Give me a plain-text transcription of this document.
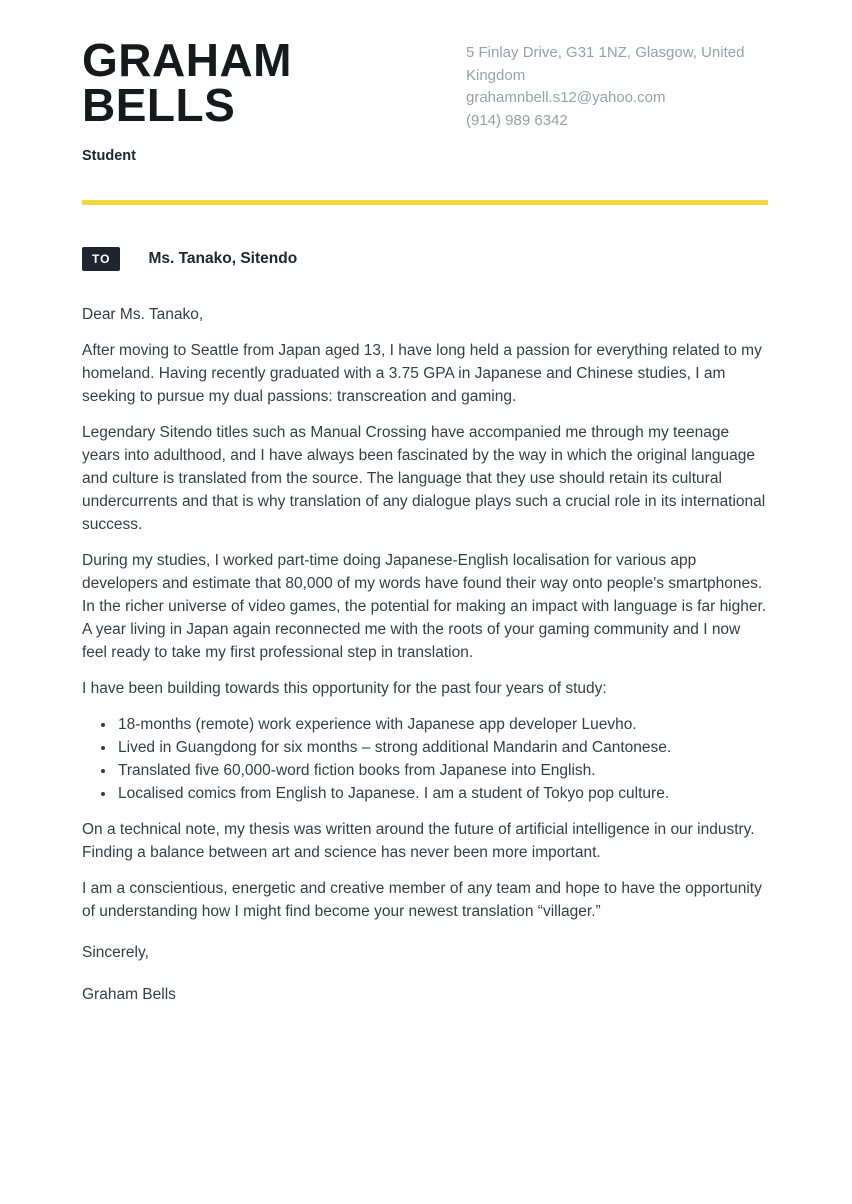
GRAHAM BELLS
Student
5 Finlay Drive, G31 1NZ, Glasgow, United Kingdom
grahamnbell.s12@yahoo.com
(914) 989 6342
TO	Ms. Tanako, Sitendo

Dear Ms. Tanako,

After moving to Seattle from Japan aged 13, I have long held a passion for everything related to my homeland. Having recently graduated with a 3.75 GPA in Japanese and Chinese studies, I am seeking to pursue my dual passions: transcreation and gaming.

Legendary Sitendo titles such as Manual Crossing have accompanied me through my teenage years into adulthood, and I have always been fascinated by the way in which the original language and culture is translated from the source. The language that they use should retain its cultural undercurrents and that is why translation of any dialogue plays such a crucial role in its international success.

During my studies, I worked part-time doing Japanese-English localisation for various app developers and estimate that 80,000 of my words have found their way onto people's smartphones. In the richer universe of video games, the potential for making an impact with language is far higher. A year living in Japan again reconnected me with the roots of your gaming community and I now feel ready to take my first professional step in translation.

I have been building towards this opportunity for the past four years of study:

• 18-months (remote) work experience with Japanese app developer Luevho.
• Lived in Guangdong for six months – strong additional Mandarin and Cantonese.
• Translated five 60,000-word fiction books from Japanese into English.
• Localised comics from English to Japanese. I am a student of Tokyo pop culture.

On a technical note, my thesis was written around the future of artificial intelligence in our industry. Finding a balance between art and science has never been more important.

I am a conscientious, energetic and creative member of any team and hope to have the opportunity of understanding how I might find become your newest translation “villager.”

Sincerely,

Graham Bells
